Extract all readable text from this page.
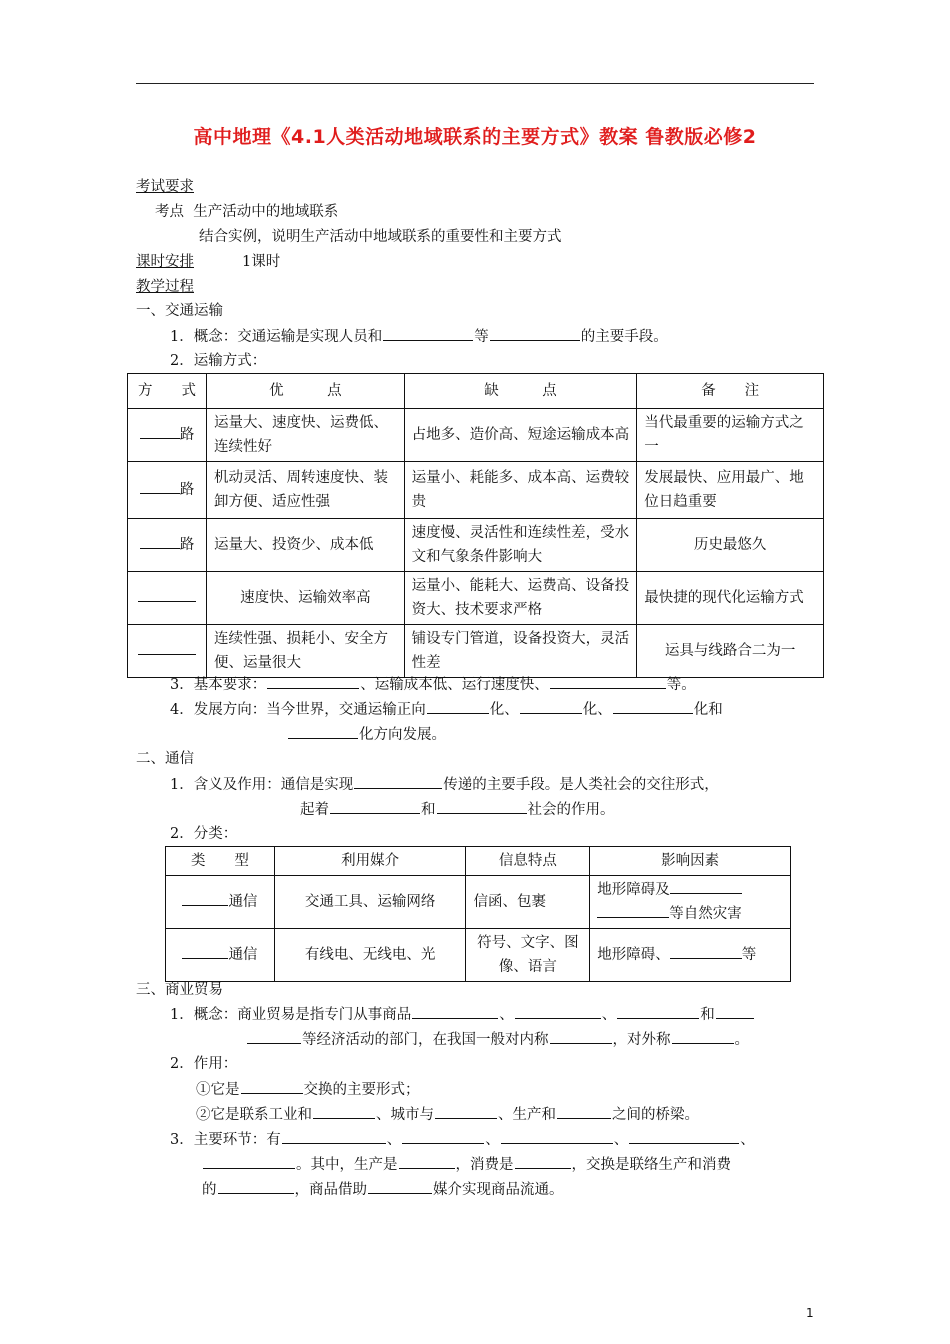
高中地理《4.1人类活动地域联系的主要方式》教案 鲁教版必修2
考试要求
考点 生产活动中的地域联系
结合实例，说明生产活动中地域联系的重要性和主要方式
课时安排	1课时
教学过程
一、交通运输
1．概念：交通运输是实现人员和	等	的主要手段。
2．运输方式：
方　　式	优　　　点	缺　　　点	备　　注
路	运量大、速度快、运费低、连续性好	占地多、造价高、短途运输成本高	当代最重要的运输方式之一
路	机动灵活、周转速度快、装卸方便、适应性强	运量小、耗能多、成本高、运费较贵	发展最快、应用最广、地位日趋重要
路	运量大、投资少、成本低	速度慢、灵活性和连续性差，受水文和气象条件影响大	历史最悠久
	速度快、运输效率高	运量小、能耗大、运费高、设备投资大、技术要求严格	最快捷的现代化运输方式
	连续性强、损耗小、安全方便、运量很大	铺设专门管道，设备投资大，灵活性差	运具与线路合二为一
3．基本要求：	、运输成本低、运行速度快、	等。
4．发展方向：当今世界，交通运输正向	化、	化、	化和
化方向发展。
二、通信
1．含义及作用：通信是实现	传递的主要手段。是人类社会的交往形式，
起着	和	社会的作用。
2．分类：
类　　型	利用媒介	信息特点	影响因素
通信	交通工具、运输网络	信函、包裹	地形障碍及
等自然灾害
通信	有线电、无线电、光	符号、文字、图像、语言	地形障碍、 等
三、商业贸易
1．概念：商业贸易是指专门从事商品	、	、	和
等经济活动的部门，在我国一般对内称	，对外称	。
2．作用：
①它是	交换的主要形式；
②它是联系工业和	、城市与	、生产和	之间的桥梁。
3．主要环节：有	、	、	、	、
。其中，生产是	，消费是	，交换是联络生产和消费
的	，商品借助	媒介实现商品流通。
1
